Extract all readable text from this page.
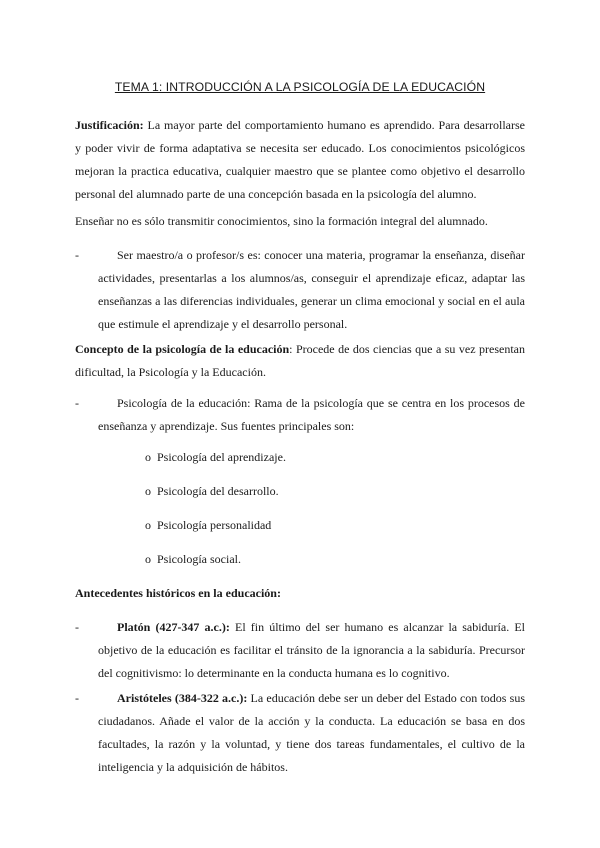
TEMA 1: INTRODUCCIÓN A LA PSICOLOGÍA DE LA EDUCACIÓN
Justificación: La mayor parte del comportamiento humano es aprendido. Para desarrollarse y poder vivir de forma adaptativa se necesita ser educado. Los conocimientos psicológicos mejoran la practica educativa, cualquier maestro que se plantee como objetivo el desarrollo personal del alumnado parte de una concepción basada en la psicología del alumno.
Enseñar no es sólo transmitir conocimientos, sino la formación integral del alumnado.
-	Ser maestro/a o profesor/s es: conocer una materia, programar la enseñanza, diseñar actividades, presentarlas a los alumnos/as, conseguir el aprendizaje eficaz, adaptar las enseñanzas a las diferencias individuales, generar un clima emocional y social en el aula que estimule el aprendizaje y el desarrollo personal.
Concepto de la psicología de la educación: Procede de dos ciencias que a su vez presentan dificultad, la Psicología y la Educación.
-	Psicología de la educación: Rama de la psicología que se centra en los procesos de enseñanza y aprendizaje. Sus fuentes principales son:
o Psicología del aprendizaje.
o Psicología del desarrollo.
o Psicología personalidad
o Psicología social.
Antecedentes históricos en la educación:
-	Platón (427-347 a.c.): El fin último del ser humano es alcanzar la sabiduría. El objetivo de la educación es facilitar el tránsito de la ignorancia a la sabiduría. Precursor del cognitivismo: lo determinante en la conducta humana es lo cognitivo.
-	Aristóteles (384-322 a.c.): La educación debe ser un deber del Estado con todos sus ciudadanos. Añade el valor de la acción y la conducta. La educación se basa en dos facultades, la razón y la voluntad, y tiene dos tareas fundamentales, el cultivo de la inteligencia y la adquisición de hábitos.
